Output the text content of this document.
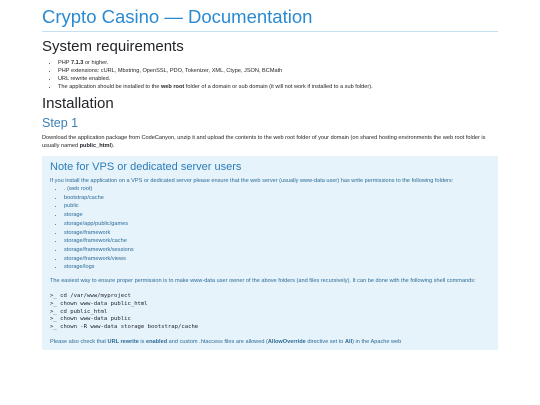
Crypto Casino — Documentation
System requirements
• PHP 7.1.3 or higher.
• PHP extensions: cURL, Mbstring, OpenSSL, PDO, Tokenizer, XML, Ctype, JSON, BCMath
• URL rewrite enabled.
• The application should be installed to the web root folder of a domain or sub domain (it will not work if installed to a sub folder).
Installation
Step 1

Download the application package from CodeCanyon, unzip it and upload the contents to the web root folder of your domain (on shared hosting environments the web root folder is usually named public_html).

Note for VPS or dedicated server users

If you install the application on a VPS or dedicated server please ensure that the web server (usually www-data user) has write permissions to the following folders:

• . (web root)
• bootstrap/cache
• public
• storage
• storage/app/public/games
• storage/framework
• storage/framework/cache
• storage/framework/sessions
• storage/framework/views
• storage/logs

The easiest way to ensure proper permission is to make www-data user owner of the above folders (and files recursively). It can be done with the following shell commands:

>_ cd /var/www/myproject
>_ chown www-data public_html
>_ cd public_html
>_ chown www-data public
>_ chown -R www-data storage bootstrap/cache

Please also check that URL rewrite is enabled and custom .htaccess files are allowed (AllowOverride directive set to All) in the Apache web
